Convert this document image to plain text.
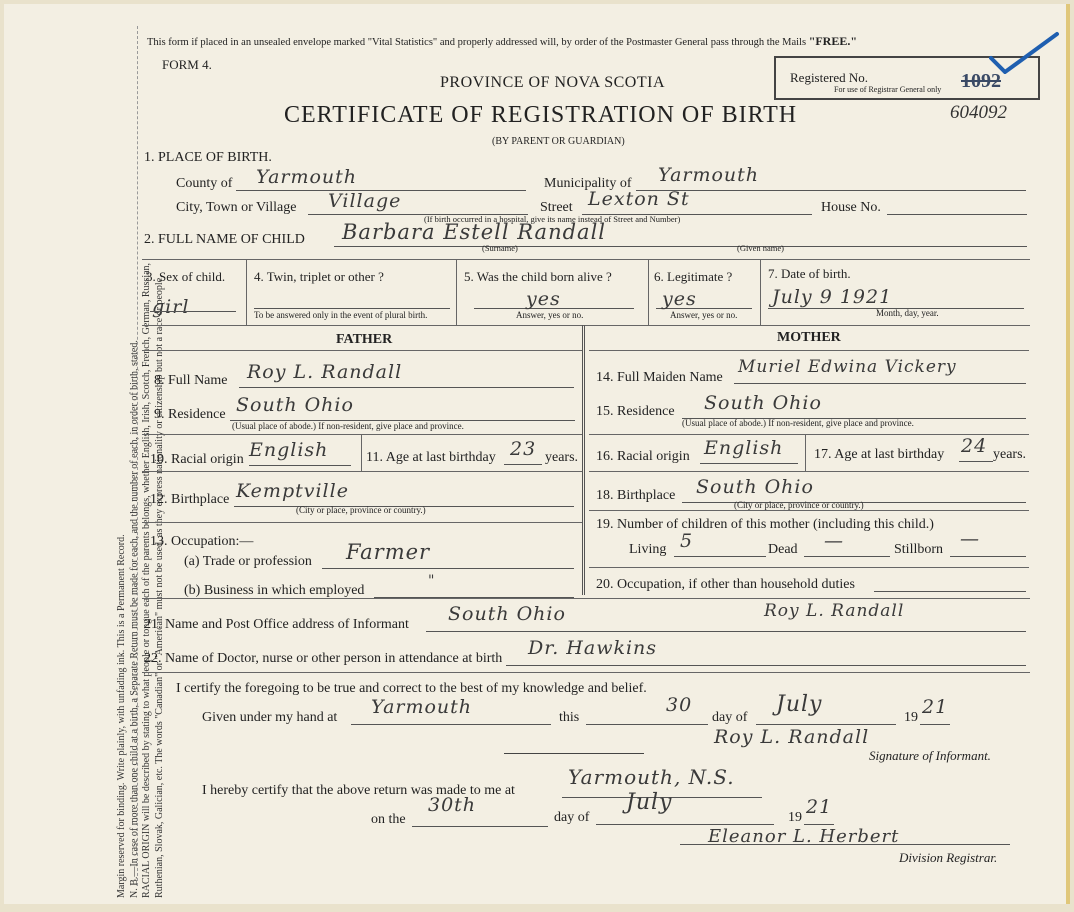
Margin reserved for binding. Write plainly, with unfading ink. This is a Permanent Record. N. B.—In case of more than one child at a birth, a Separate Return must be made for each, and the number of each, in order of birth, stated. RACIAL ORIGIN will be described by stating to what people or tongue each of the parents belongs, whether English, Irish, Scotch, French, German, Russian, Ruthenian, Slovak, Galician, etc. The words "Canadian" or "American" must not be used, as they express nationality or citizenship but not a race or people.
This form if placed in an unsealed envelope marked "Vital Statistics" and properly addressed will, by order of the Postmaster General pass through the Mails "FREE."
FORM 4.
PROVINCE OF NOVA SCOTIA
CERTIFICATE OF REGISTRATION OF BIRTH
(BY PARENT OR GUARDIAN)
Registered No.	1092
For use of Registrar General only
604092
1. PLACE OF BIRTH.
County of Yarmouth	Municipality of Yarmouth
City, Town or Village Village	Street Lexton St	House No.
(If birth occurred in a hospital, give its name instead of Street and Number)
2. FULL NAME OF CHILD Barbara Estell Randall
(Surname)	(Given name)
3. Sex of child.
girl
4. Twin, triplet or other ?
To be answered only in the event of plural birth.
5. Was the child born alive ?
yes
Answer, yes or no.
6. Legitimate ?
yes
Answer, yes or no.
7. Date of birth.
July 9 1921
Month, day, year.
FATHER	MOTHER
8. Full Name Roy L. Randall
9. Residence South Ohio
(Usual place of abode.) If non-resident, give place and province.
10. Racial origin English	11. Age at last birthday 23 years.
12. Birthplace Kemptville
(City or place, province or country.)
13. Occupation:—
(a) Trade or profession Farmer
(b) Business in which employed
"
14. Full Maiden Name
Muriel Edwina Vickery
15. Residence South Ohio
(Usual place of abode.) If non-resident, give place and province.
16. Racial origin English 17. Age at last birthday 24 years.
18. Birthplace South Ohio
(City or place, province or country.)
19. Number of children of this mother (including this child.)
Living 5	Dead —	Stillborn —
20. Occupation, if other than household duties
21. Name and Post Office address of Informant South Ohio	Roy L. Randall
22. Name of Doctor, nurse or other person in attendance at birth Dr. Hawkins
I certify the foregoing to be true and correct to the best of my knowledge and belief.
Given under my hand at Yarmouth	this
30
day of
July
19 21
Roy L. Randall
Signature of Informant.
I hereby certify that the above return was made to me at
Yarmouth, N.S.
on the
30th
day of
July
19 21
Eleanor L. Herbert
Division Registrar.
